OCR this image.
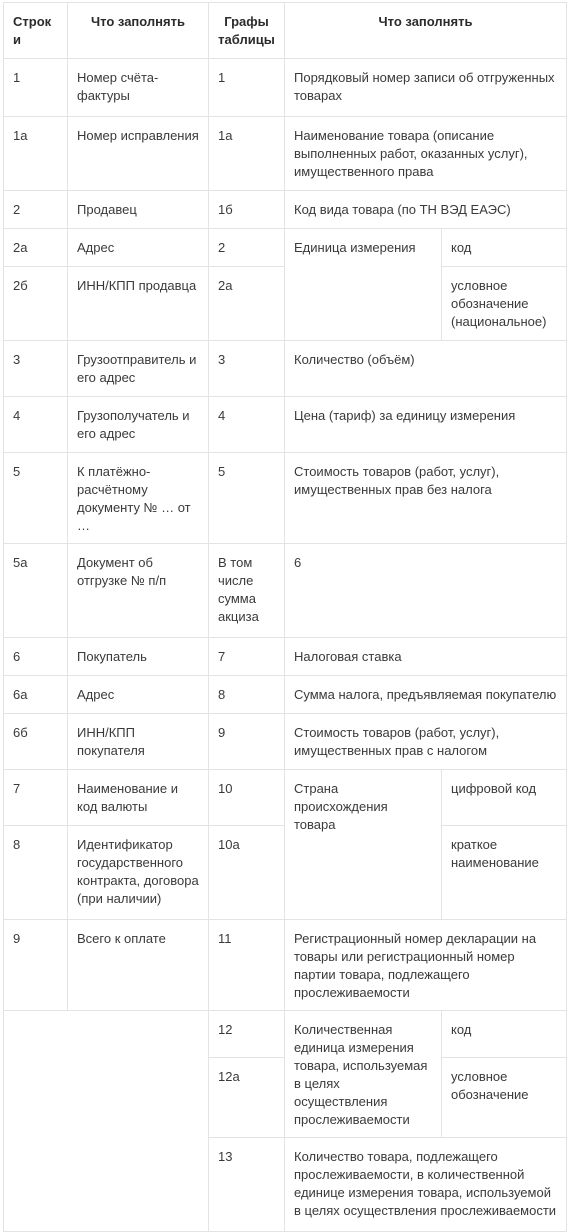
Строки	Что заполнять	Графы таблицы	Что заполнять	
1	Номер счёта-фактуры	1	Порядковый номер записи об отгруженных товарах	
1а	Номер исправления	1а	Наименование товара (описание выполненных работ, оказанных услуг), имущественного права	
2	Продавец	1б	Код вида товара (по ТН ВЭД ЕАЭС)	
2а	Адрес	2	Единица измерения	код
2б	ИНН/КПП продавца	2а		условное обозначение (национальное)
3	Грузоотправитель и его адрес	3	Количество (объём)	
4	Грузополучатель и его адрес	4	Цена (тариф) за единицу измерения	
5	К платёжно-расчётному документу № … от …	5	Стоимость товаров (работ, услуг), имущественных прав без налога	
5а	Документ об отгрузке № п/п	В том числе сумма акциза	6	
6	Покупатель	7	Налоговая ставка	
6а	Адрес	8	Сумма налога, предъявляемая покупателю	
6б	ИНН/КПП покупателя	9	Стоимость товаров (работ, услуг), имущественных прав с налогом	
7	Наименование и код валюты	10	Страна происхождения товара	цифровой код
8	Идентификатор государственного контракта, договора (при наличии)	10а		краткое наименование
9	Всего к оплате	11	Регистрационный номер декларации на товары или регистрационный номер партии товара, подлежащего прослеживаемости	
		12	Количественная единица измерения товара, используемая в целях осуществления прослеживаемости	код
		12а		условное обозначение
		13	Количество товара, подлежащего прослеживаемости, в количественной единице измерения товара, используемой в целях осуществления прослеживаемости	
